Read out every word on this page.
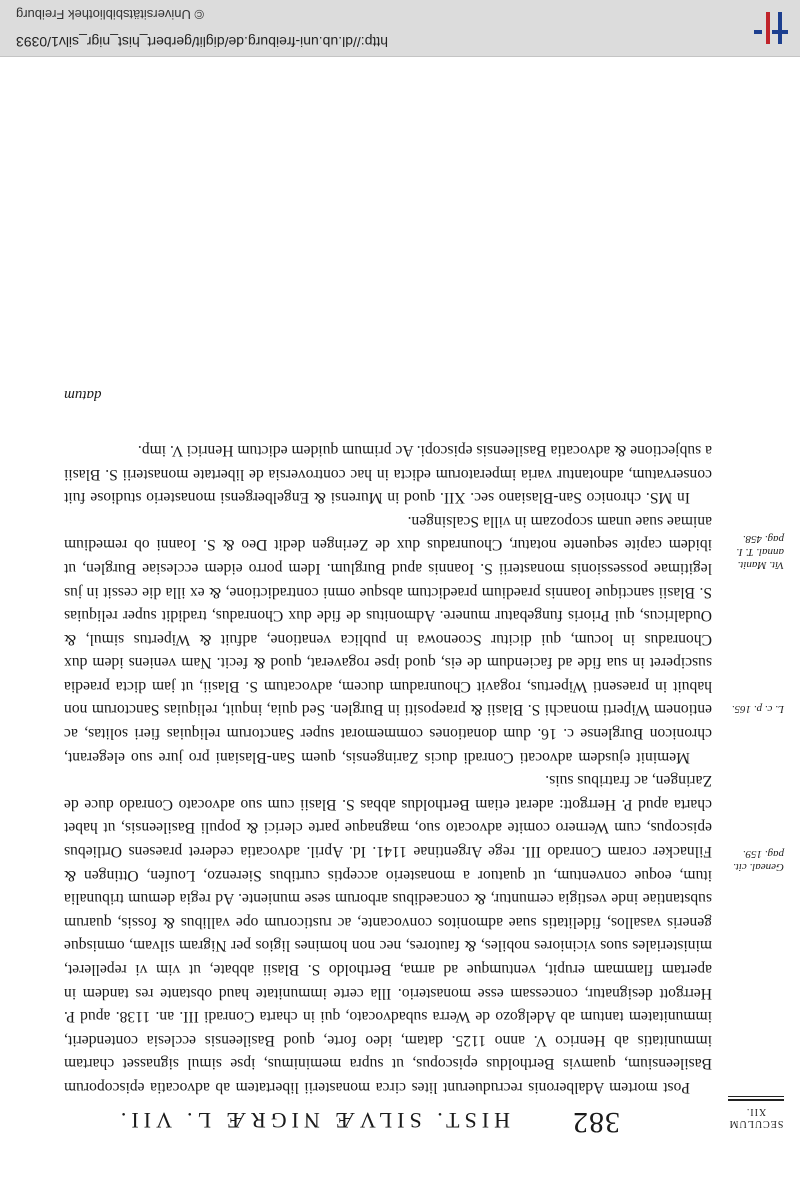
© Universitätsbibliothek Freiburg
http://dl.ub.uni-freiburg.de/diglit/gerbert_hist_nigr_silv1/0393
382
HIST. SILVÆ NIGRÆ L. VII.	SECULUM XII.
Geneal. cit. pag. 159.
L. c. p. 165.
Vit. Manit. annal. T. I. pag. 458.

Post mortem Adalberonis recruduerunt lites circa monasterii libertatem ab advocatia episcoporum Basileensium, quamvis Bertholdus episcopus, ut supra meminimus, ipse simul signasset chartam immunitatis ab Henrico V. anno 1125. datam, ideo forte, quod Basileensis ecclesia contenderit, immunitatem tantum ab Adelgozo de Werra subadvocato, qui in charta Conradi III. an. 1138. apud P. Herrgott designatur, concessam esse monasterio. Illa certe immunitate haud obstante res tandem in apertam flammam erupit, ventumque ad arma, Bertholdo S. Blasii abbate, ut vim vi repelleret, ministeriales suos viciniores nobiles, & fautores, nec non homines ligios per Nigram silvam, omnisque generis vasallos, fidelitatis suae admonitos convocante, ac rusticorum ope vallibus & fossis, quarum substantiae inde vestigia cernuntur, & concaedibus arborum sese muniente. Ad regia demum tribunalia itum, eoque conventum, ut quatuor a monasterio acceptis curtibus Sierenzo, Loufen, Ottingen & Filnacker coram Conrado III. rege Argentinae 1141. Id. April. advocatia cederet praesens Ortliebus episcopus, cum Wernero comite advocato suo, magnaque parte clerici & populi Basileensis, ut habet charta apud P. Herrgott: aderat etiam Bertholdus abbas S. Blasii cum suo advocato Conrado duce de Zaringen, ac fratribus suis.

Meminit ejusdem advocati Conradi ducis Zaringensis, quem San-Blasiani pro jure suo elegerant, chronicon Burglense c. 16. dum donationes commemorat super Sanctorum reliquias fieri solitas, ac entionem Wiperti monachi S. Blasii & praepositi in Burglen. Sed quia, inquit, reliquias Sanctorum non habuit in praesenti Wipertus, rogavit Chounradum ducem, advocatum S. Blasii, ut jam dicta praedia susciperet in sua fide ad faciendum de eis, quod ipse rogaverat, quod & fecit. Nam veniens idem dux Chonradus in locum, qui dicitur Scoenowa in publica venatione, adfuit & Wipertus simul, & Oudalricus, qui Prioris fungebatur munere. Admonitus de fide dux Chonradus, tradidit super reliquias S. Blasii sanctique Ioannis praedium praedictum absque omni contradictione, & ex illa die cessit in jus legitimae possessionis monasterii S. Ioannis apud Burglum. Idem porro eidem ecclesiae Burglen, ut ibidem capite sequente notatur, Chounradus dux de Zeringen dedit Deo & S. Ioanni ob remedium animae suae unam scopozam in villa Scalsingen.

In MS. chronico San-Blasiano sec. XII. quod in Murensi & Engelbergensi monasterio studiose fuit conservatum, adnotantur varia imperatorum edicta in hac controversia de libertate monasterii S. Blasii a subjectione & advocatia Basileensis episcopi. Ac primum quidem edictum Henrici V. imp.

datum
